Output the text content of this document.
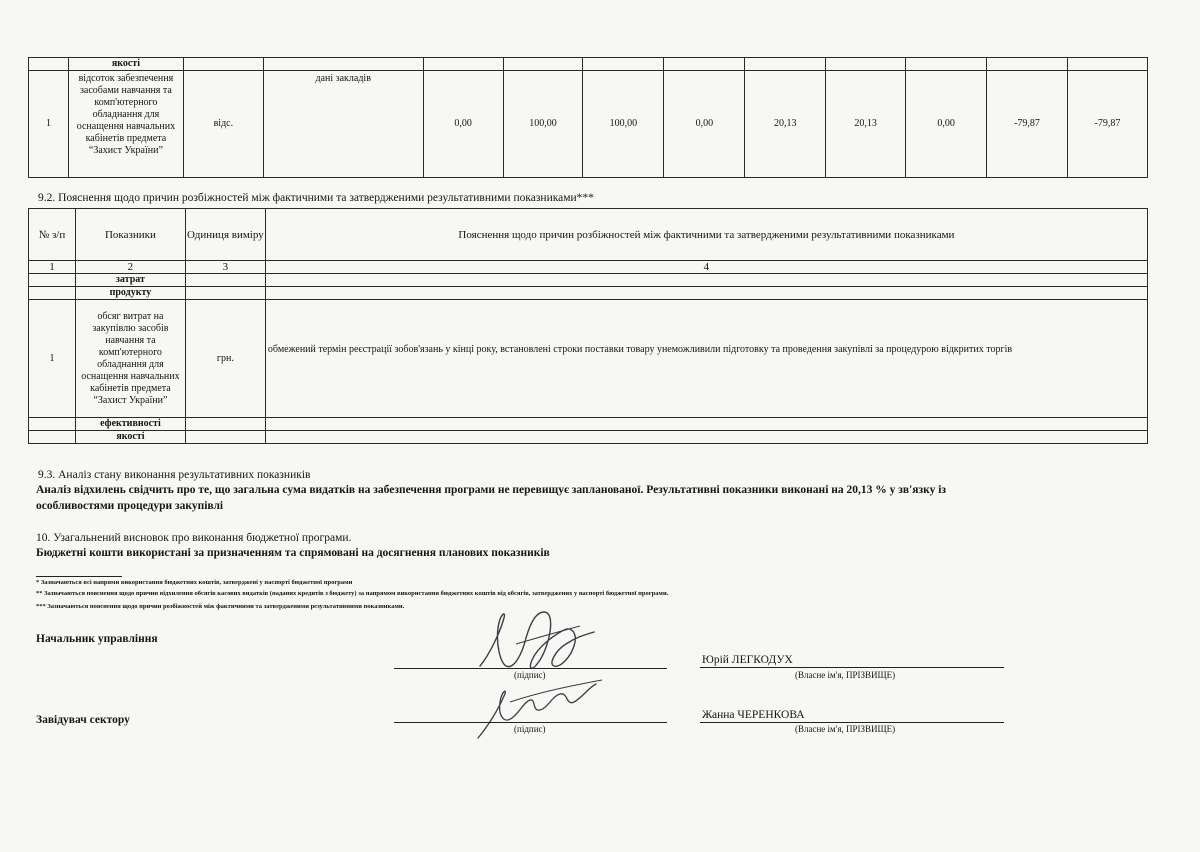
	якості											
1	відсоток забезпечення засобами навчання та комп'ютерного обладнання для оснащення навчальних кабінетів предмета “Захист України”	відс.	дані закладів	0,00	100,00	100,00	0,00	20,13	20,13	0,00	-79,87	-79,87
9.2. Пояснення щодо причин розбіжностей між фактичними та затвердженими результативними показниками***
№ з/п	Показники	Одиниця виміру	Пояснення щодо причин розбіжностей між фактичними та затвердженими результативними показниками
1	2	3	4
	затрат		
	продукту		
1	обсяг витрат на закупівлю засобів навчання та комп'ютерного обладнання для оснащення навчальних кабінетів предмета “Захист України”	грн.	обмежений термін реєстрації зобов'язань у кінці року, встановлені строки поставки товару унеможливили підготовку та проведення закупівлі за процедурою відкритих торгів
	ефективності		
	якості		
9.3. Аналіз стану виконання результативних показників
Аналіз відхилень свідчить про те, що загальна сума видатків на забезпечення програми не перевищує запланованої. Результативні показники виконані на 20,13 % у зв'язку із
особливостями процедури закупівлі
10. Узагальнений висновок про виконання бюджетної програми.
Бюджетні кошти використані за призначенням та спрямовані на досягнення планових показників
* Зазначаються всі напрями використання бюджетних коштів, затверджені у паспорті бюджетної програми
** Зазначаються пояснення щодо причин відхилення обсягів касових видатків (наданих кредитів з бюджету) за напрямом використання бюджетних коштів від обсягів, затверджених у паспорті бюджетної програми.
*** Зазначаються пояснення щодо причин розбіжностей між фактичними та затвердженими результативними показниками.
Начальник управління
(підпис)
Юрій ЛЕГКОДУХ
(Власне ім'я, ПРІЗВИЩЕ)
Завідувач сектору
(підпис)
Жанна ЧЕРЕНКОВА
(Власне ім'я, ПРІЗВИЩЕ)
